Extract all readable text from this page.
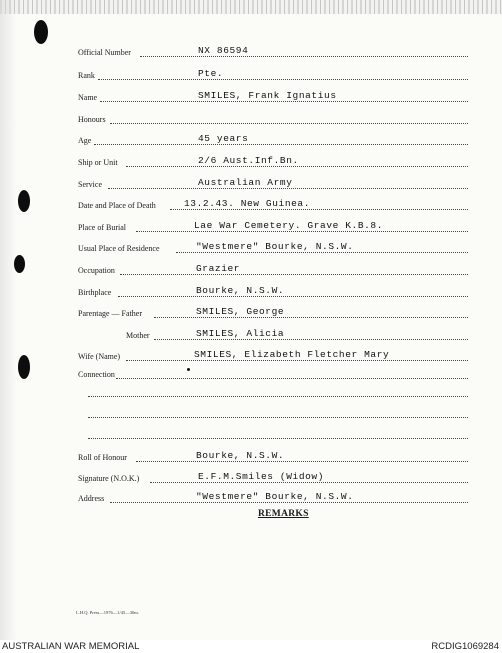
Official Number	NX 86594
Rank	Pte.
Name	SMILES, Frank Ignatius
Honours
Age	45 years
Ship or Unit	2/6 Aust.Inf.Bn.
Service	Australian Army
Date and Place of Death	13.2.43. New Guinea.
Place of Burial	Lae War Cemetery. Grave K.B.8.
Usual Place of Residence	"Westmere" Bourke, N.S.W.
Occupation	Grazier
Birthplace	Bourke, N.S.W.
Parentage — Father	SMILES, George
Mother	SMILES, Alicia
Wife (Name)	SMILES, Elizabeth Fletcher Mary
Connection
Roll of Honour	Bourke, N.S.W.
Signature (N.O.K.)	E.F.M.Smiles (Widow)
Address	"Westmere" Bourke, N.S.W.
REMARKS
L.H.Q. Press—1976—1/45—30m.
AUSTRALIAN WAR MEMORIAL	RCDIG1069284
